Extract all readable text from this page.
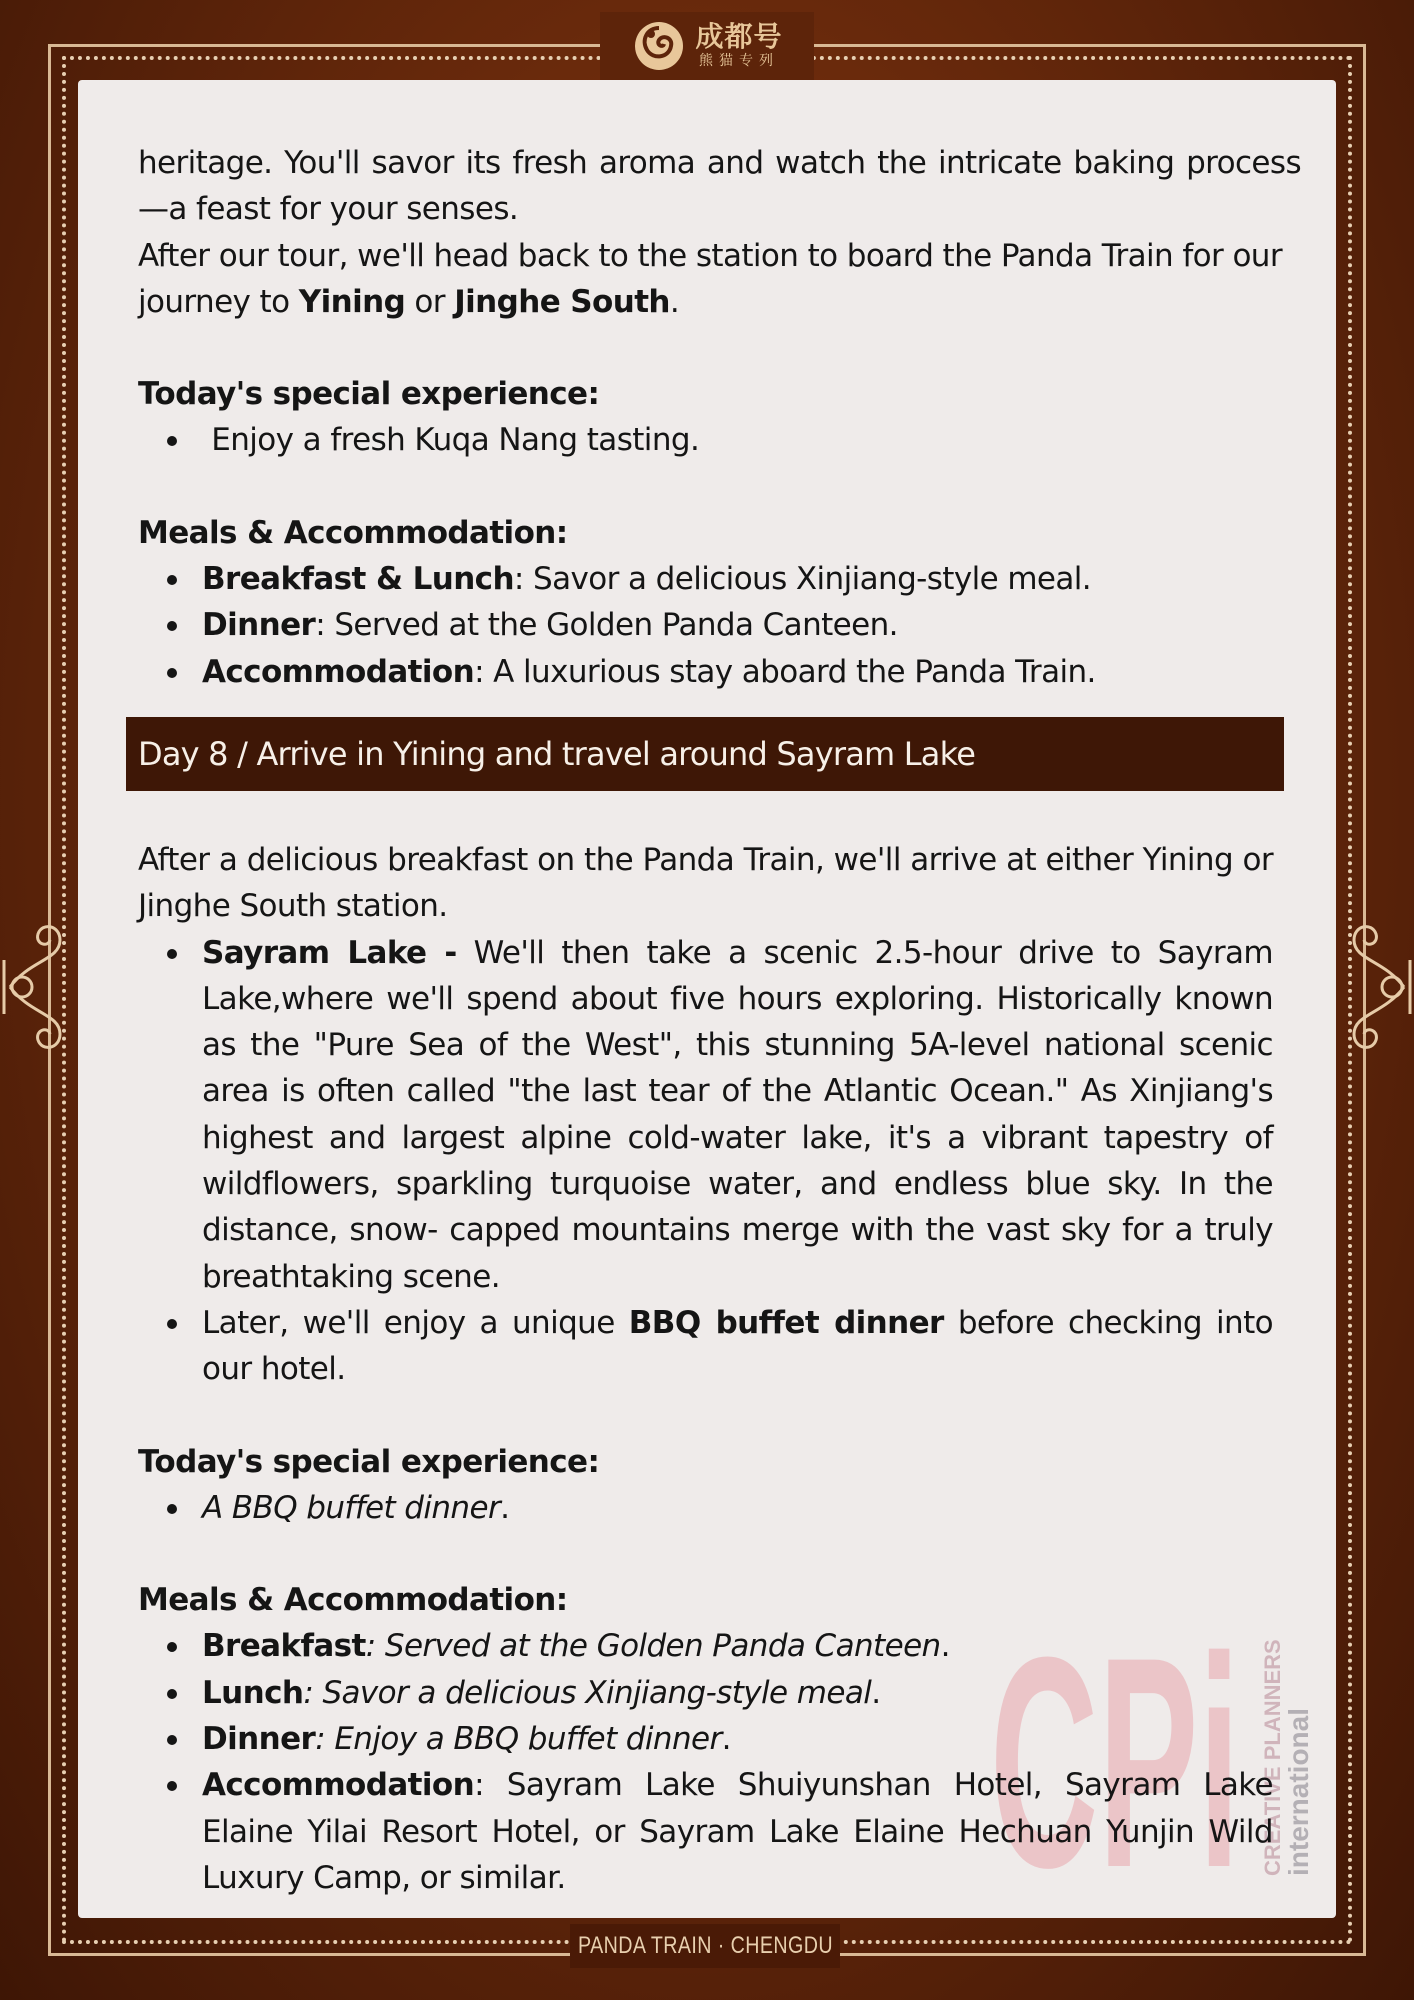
成都号
熊猫专列
PANDA TRAIN · CHENGDU
CPi CREATIVE PLANNERS
international

heritage. You'll savor its fresh aroma and watch the intricate baking process—a feast for your senses.

After our tour, we'll head back to the station to board the Panda Train for our journey to Yining or Jinghe South.

Today's special experience:

Enjoy a fresh Kuqa Nang tasting.

Meals & Accommodation:

Breakfast & Lunch: Savor a delicious Xinjiang-style meal.
Dinner: Served at the Golden Panda Canteen.
Accommodation: A luxurious stay aboard the Panda Train.
Day 8 / Arrive in Yining and travel around Sayram Lake

After a delicious breakfast on the Panda Train, we'll arrive at either Yining or Jinghe South station.

Sayram Lake - We'll then take a scenic 2.5-hour drive to Sayram Lake,where we'll spend about five hours exploring. Historically known as the "Pure Sea of the West", this stunning 5A-level national scenic area is often called "the last tear of the Atlantic Ocean." As Xinjiang's highest and largest alpine cold-water lake, it's a vibrant tapestry of wildflowers, sparkling turquoise water, and endless blue sky. In the distance, snow- capped mountains merge with the vast sky for a truly breathtaking scene.
Later, we'll enjoy a unique BBQ buffet dinner before checking into our hotel.

Today's special experience:

A BBQ buffet dinner.

Meals & Accommodation:

Breakfast: Served at the Golden Panda Canteen.
Lunch: Savor a delicious Xinjiang-style meal.
Dinner: Enjoy a BBQ buffet dinner.
Accommodation: Sayram Lake Shuiyunshan Hotel, Sayram Lake Elaine Yilai Resort Hotel, or Sayram Lake Elaine Hechuan Yunjin Wild Luxury Camp, or similar.
